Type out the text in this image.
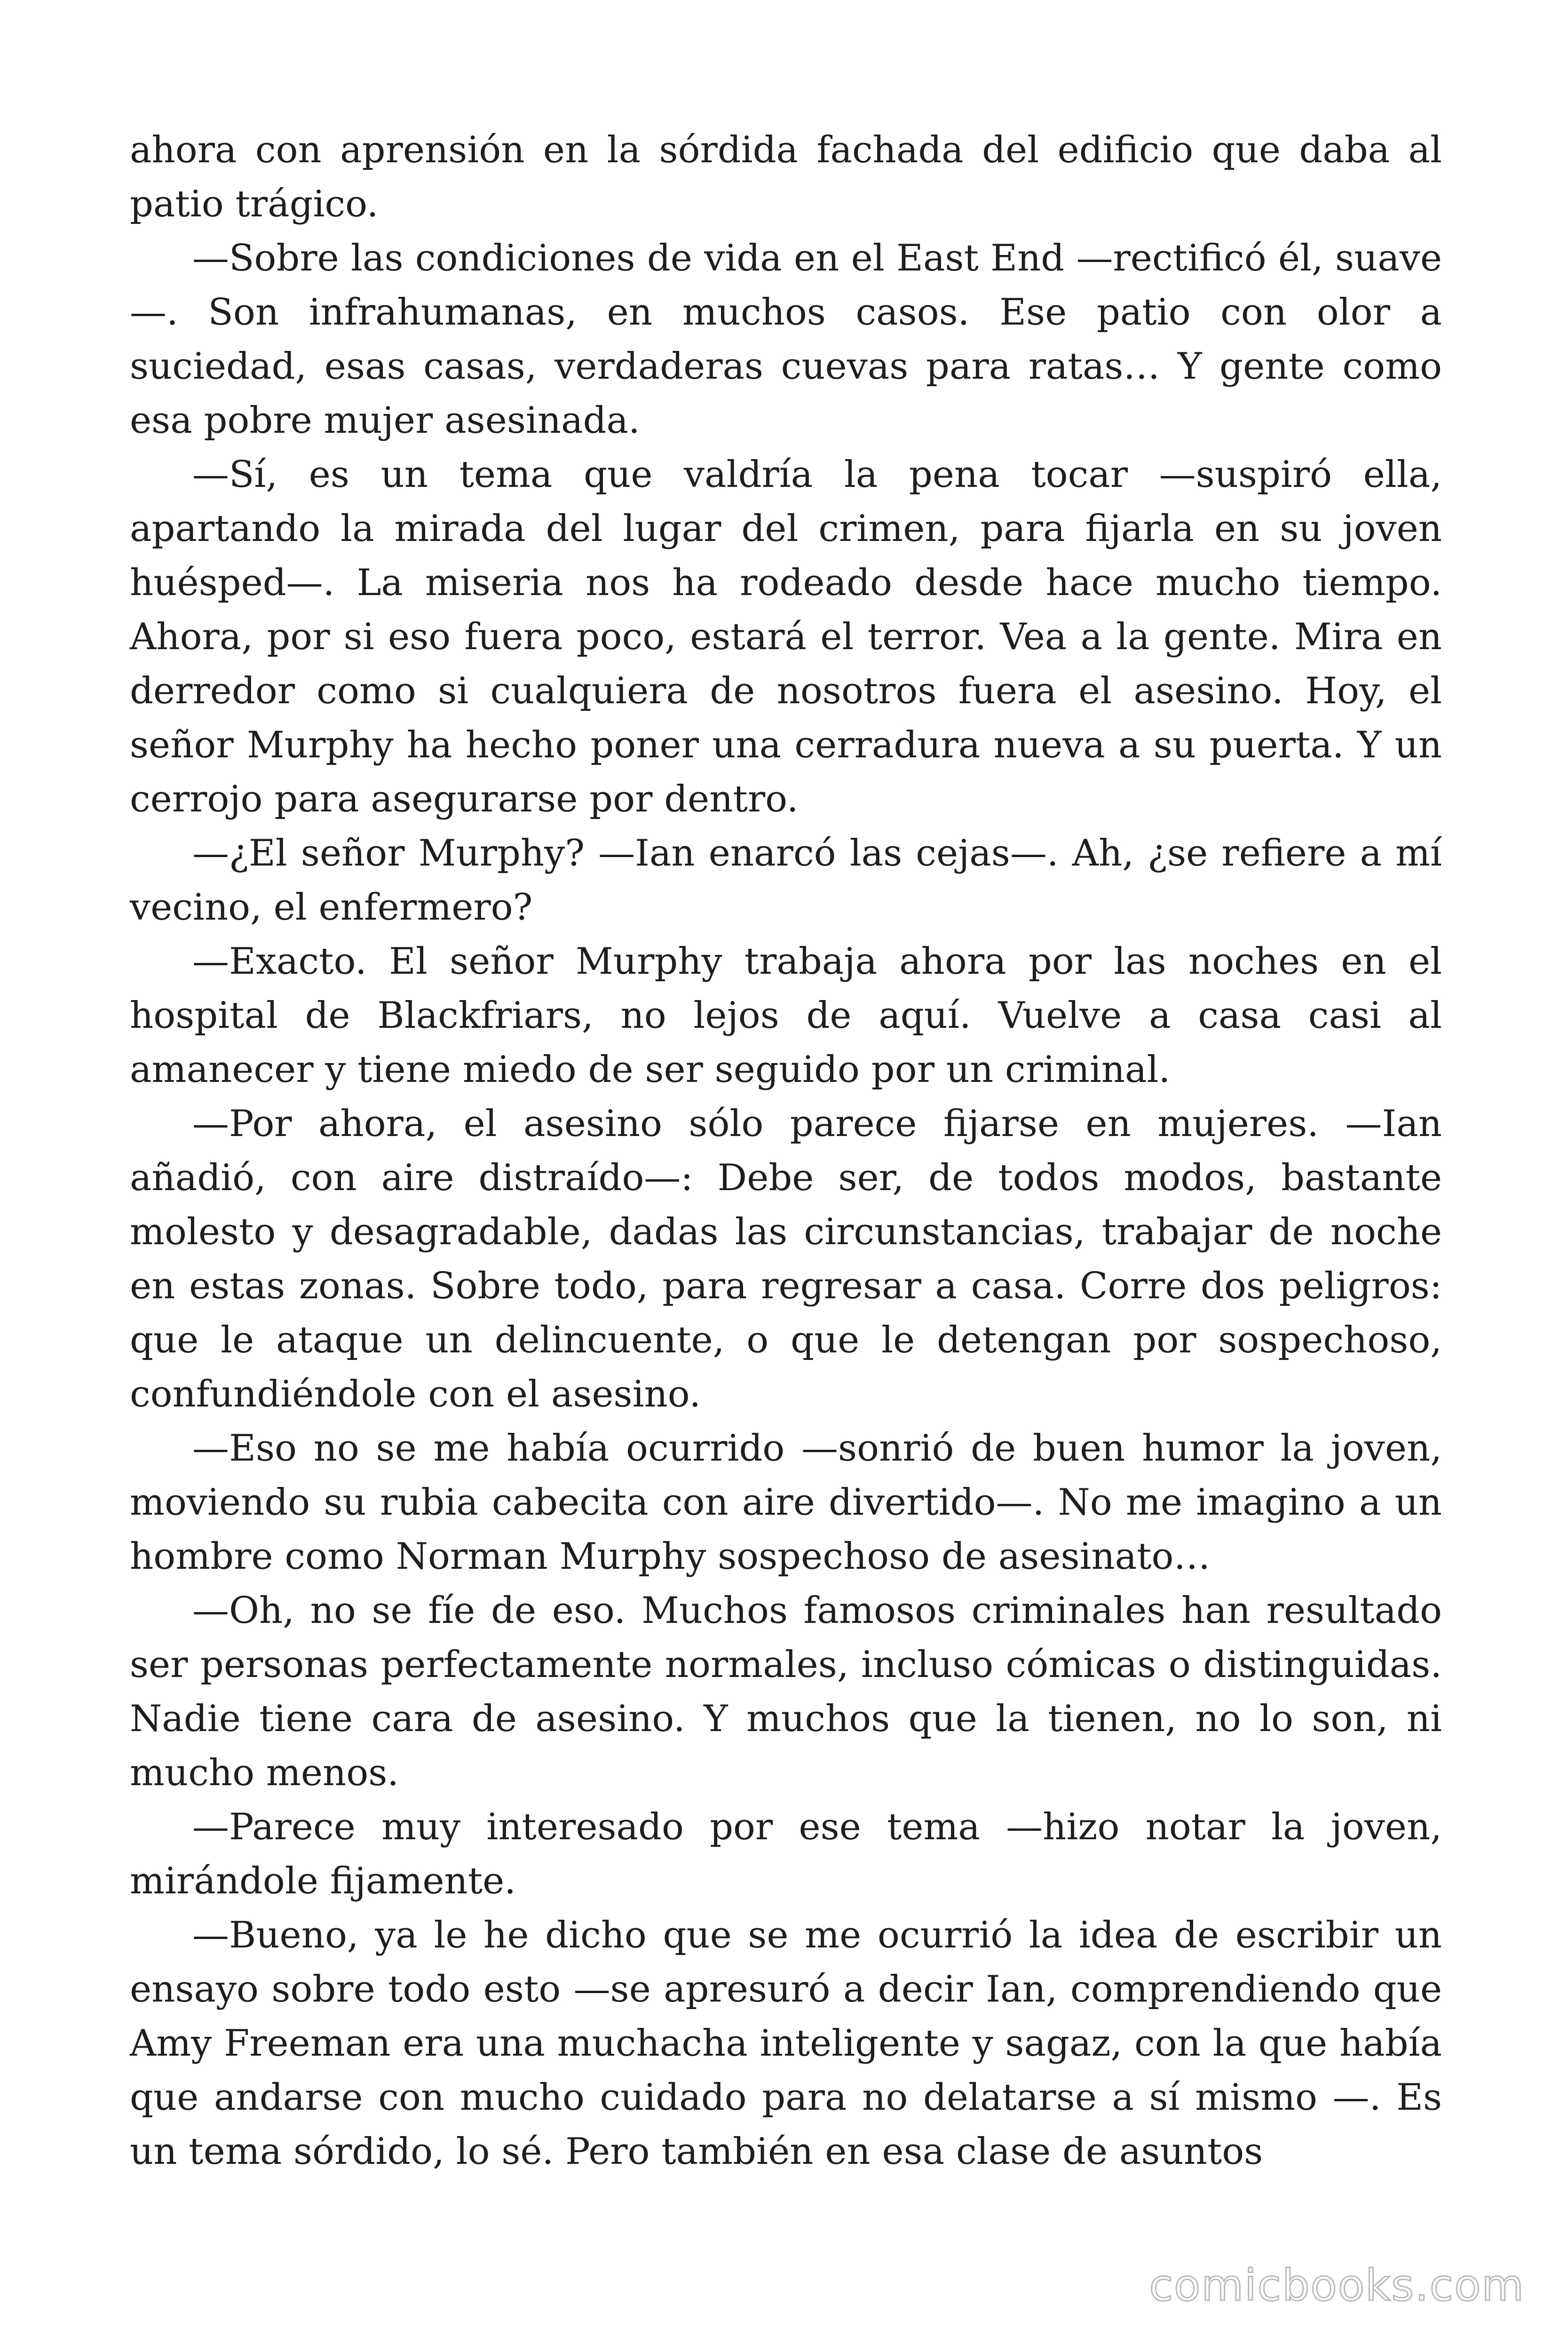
ahora con aprensión en la sórdida fachada del edificio que daba al patio trágico.

—Sobre las condiciones de vida en el East End —rectificó él, suave—. Son infrahumanas, en muchos casos. Ese patio con olor a suciedad, esas casas, verdaderas cuevas para ratas… Y gente como esa pobre mujer asesinada.

—Sí, es un tema que valdría la pena tocar —suspiró ella, apartando la mirada del lugar del crimen, para fijarla en su joven huésped—. La miseria nos ha rodeado desde hace mucho tiempo. Ahora, por si eso fuera poco, estará el terror. Vea a la gente. Mira en derredor como si cualquiera de nosotros fuera el asesino. Hoy, el señor Murphy ha hecho poner una cerradura nueva a su puerta. Y un cerrojo para asegurarse por dentro.

—¿El señor Murphy? —Ian enarcó las cejas—. Ah, ¿se refiere a mí vecino, el enfermero?

—Exacto. El señor Murphy trabaja ahora por las noches en el hospital de Blackfriars, no lejos de aquí. Vuelve a casa casi al amanecer y tiene miedo de ser seguido por un criminal.

—Por ahora, el asesino sólo parece fijarse en mujeres. —Ian añadió, con aire distraído—: Debe ser, de todos modos, bastante molesto y desagradable, dadas las circunstancias, trabajar de noche en estas zonas. Sobre todo, para regresar a casa. Corre dos peligros: que le ataque un delincuente, o que le detengan por sospechoso, confundiéndole con el asesino.

—Eso no se me había ocurrido —sonrió de buen humor la joven, moviendo su rubia cabecita con aire divertido—. No me imagino a un hombre como Norman Murphy sospechoso de asesinato…

—Oh, no se fíe de eso. Muchos famosos criminales han resultado ser personas perfectamente normales, incluso cómicas o distinguidas. Nadie tiene cara de asesino. Y muchos que la tienen, no lo son, ni mucho menos.

—Parece muy interesado por ese tema —hizo notar la joven, mirándole fijamente.

—Bueno, ya le he dicho que se me ocurrió la idea de escribir un ensayo sobre todo esto —se apresuró a decir Ian, comprendiendo que Amy Freeman era una muchacha inteligente y sagaz, con la que había que andarse con mucho cuidado para no delatarse a sí mismo —. Es un tema sórdido, lo sé. Pero también en esa clase de asuntos

comicbooks.com
